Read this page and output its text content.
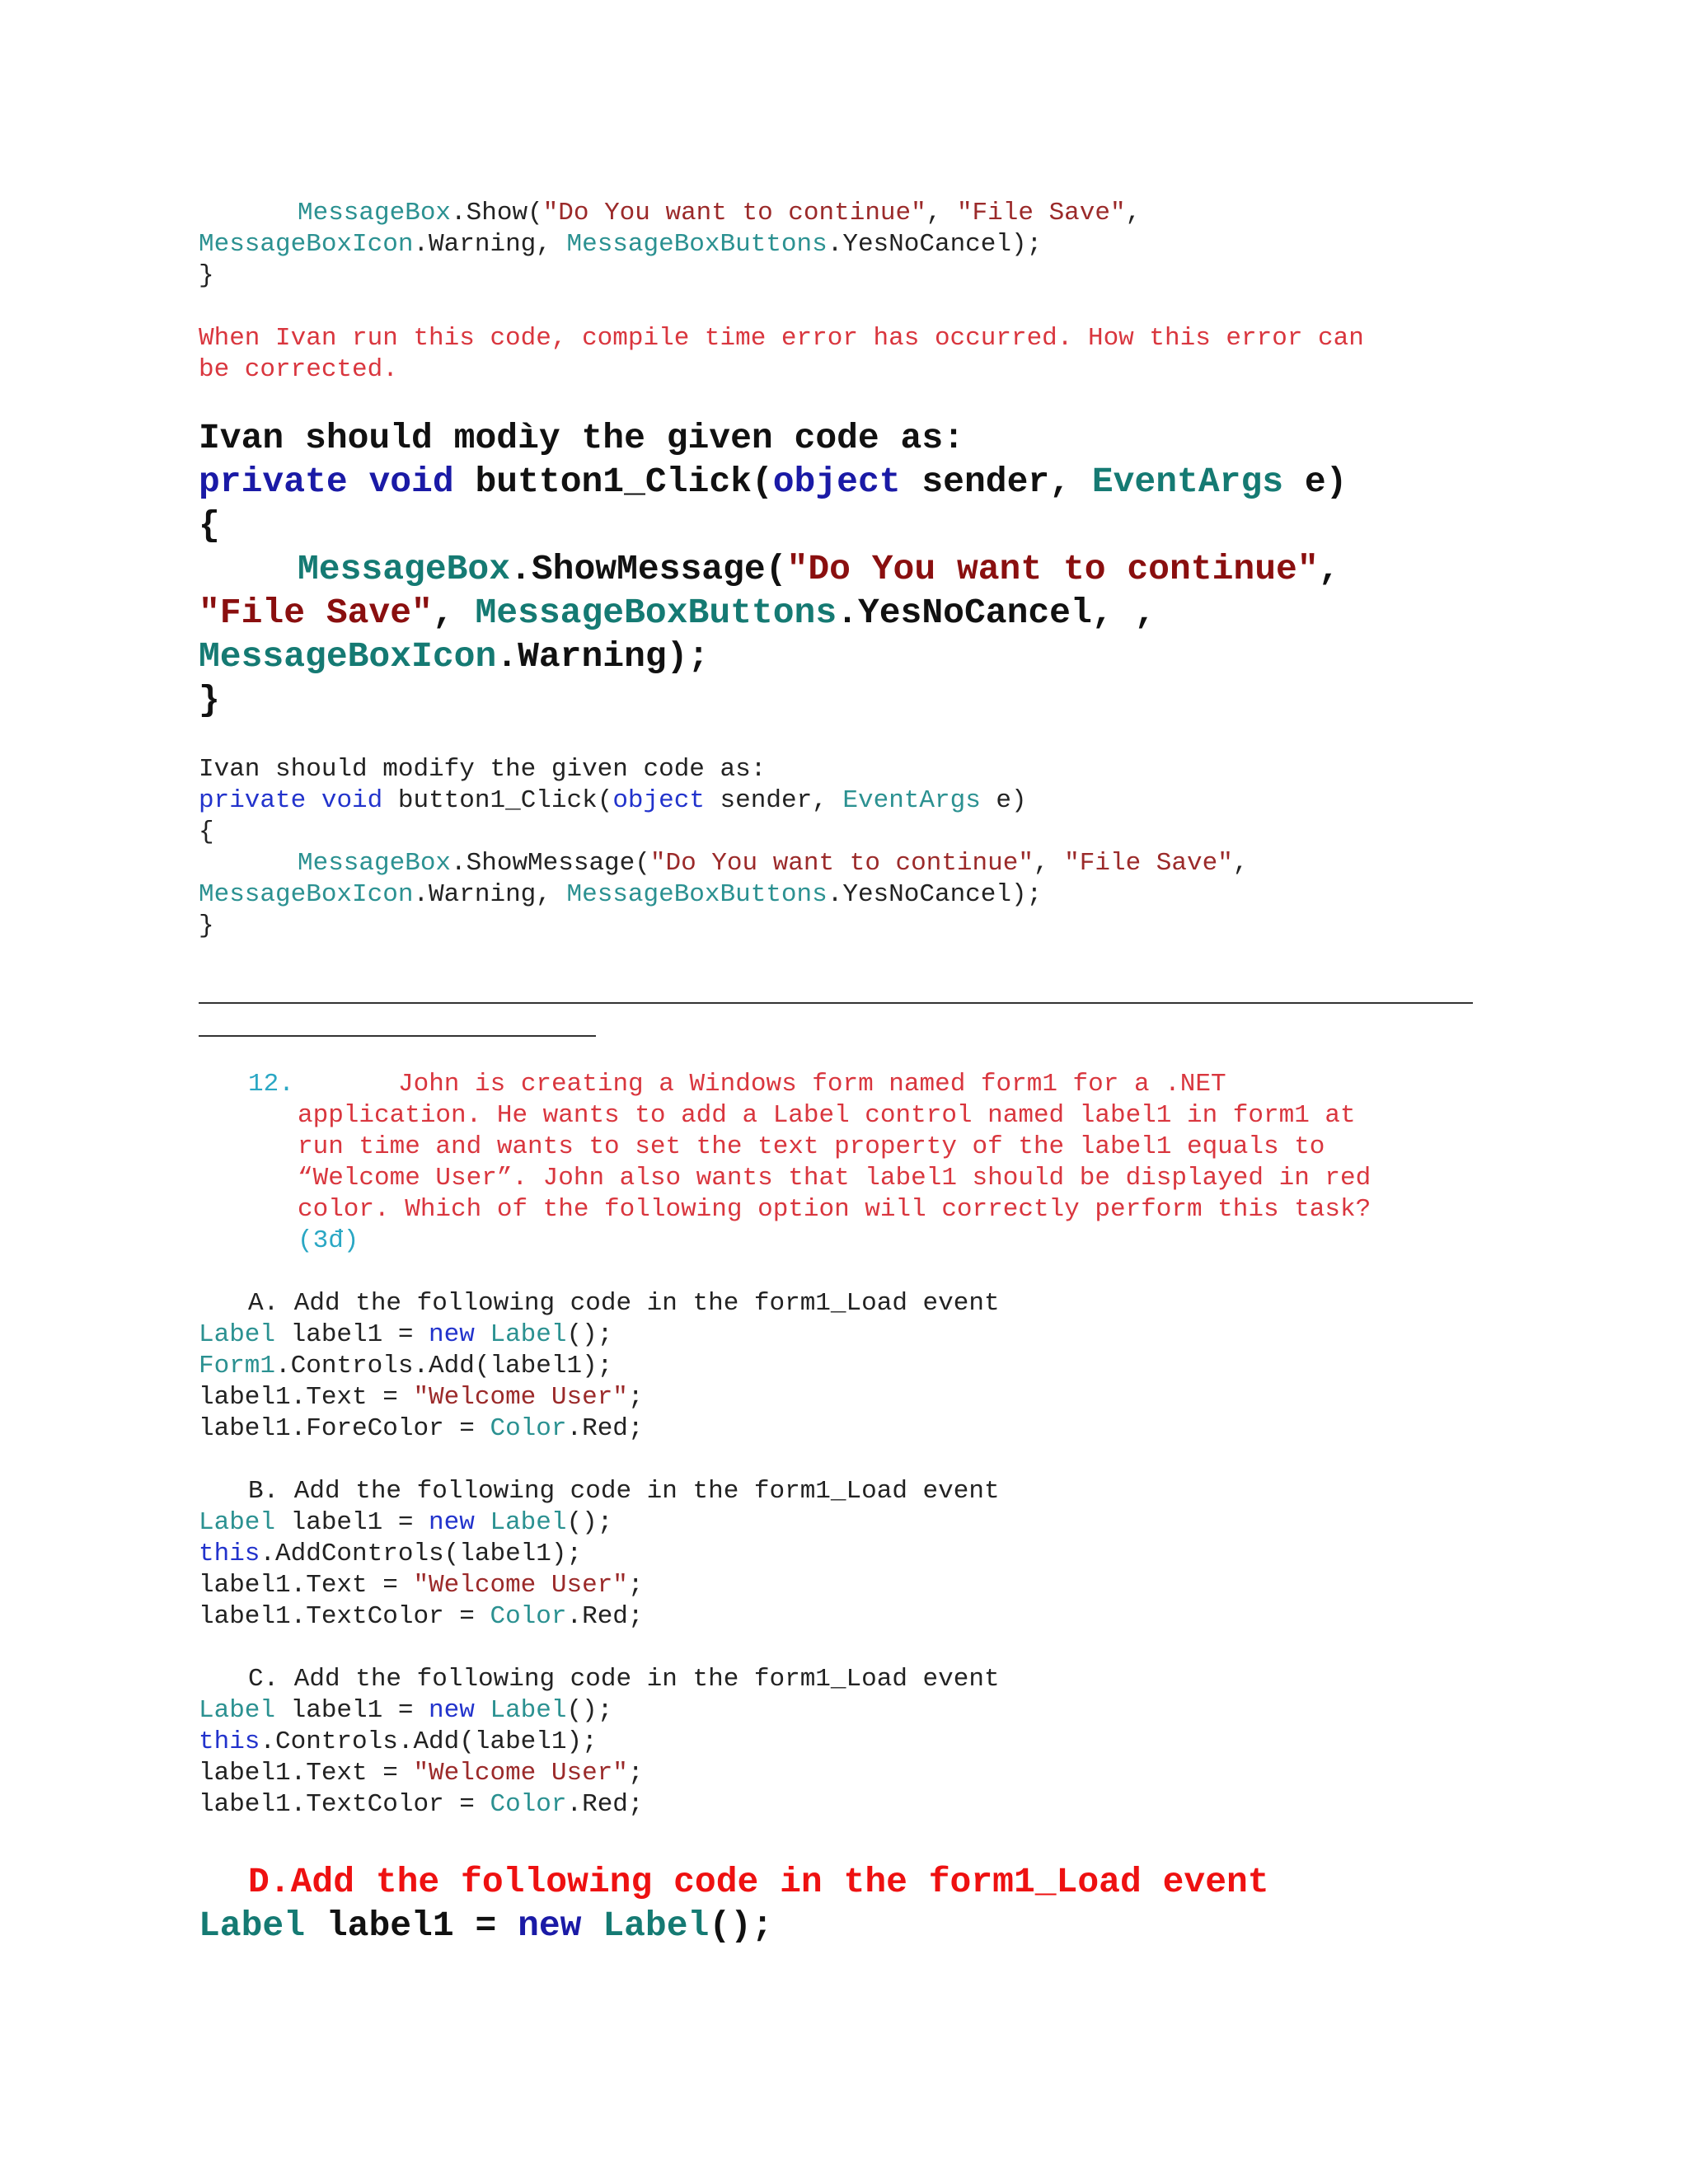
MessageBox.Show("Do You want to continue", "File Save",
MessageBoxIcon.Warning, MessageBoxButtons.YesNoCancel);
}
When Ivan run this code, compile time error has occurred. How this error can
be corrected.
Ivan should modìy the given code as:
private void button1_Click(object sender, EventArgs e)
{
MessageBox.ShowMessage("Do You want to continue",
"File Save", MessageBoxButtons.YesNoCancel, ,
MessageBoxIcon.Warning);
}
Ivan should modify the given code as:
private void button1_Click(object sender, EventArgs e)
{
MessageBox.ShowMessage("Do You want to continue", "File Save",
MessageBoxIcon.Warning, MessageBoxButtons.YesNoCancel);
}
12.	John is creating a Windows form named form1 for a .NET
application. He wants to add a Label control named label1 in form1 at
run time and wants to set the text property of the label1 equals to
“Welcome User”. John also wants that label1 should be displayed in red
color. Which of the following option will correctly perform this task?
(3đ)
A. Add the following code in the form1_Load event
Label label1 = new Label();
Form1.Controls.Add(label1);
label1.Text = "Welcome User";
label1.ForeColor = Color.Red;
B. Add the following code in the form1_Load event
Label label1 = new Label();
this.AddControls(label1);
label1.Text = "Welcome User";
label1.TextColor = Color.Red;
C. Add the following code in the form1_Load event
Label label1 = new Label();
this.Controls.Add(label1);
label1.Text = "Welcome User";
label1.TextColor = Color.Red;
D.Add the following code in the form1_Load event
Label label1 = new Label();
